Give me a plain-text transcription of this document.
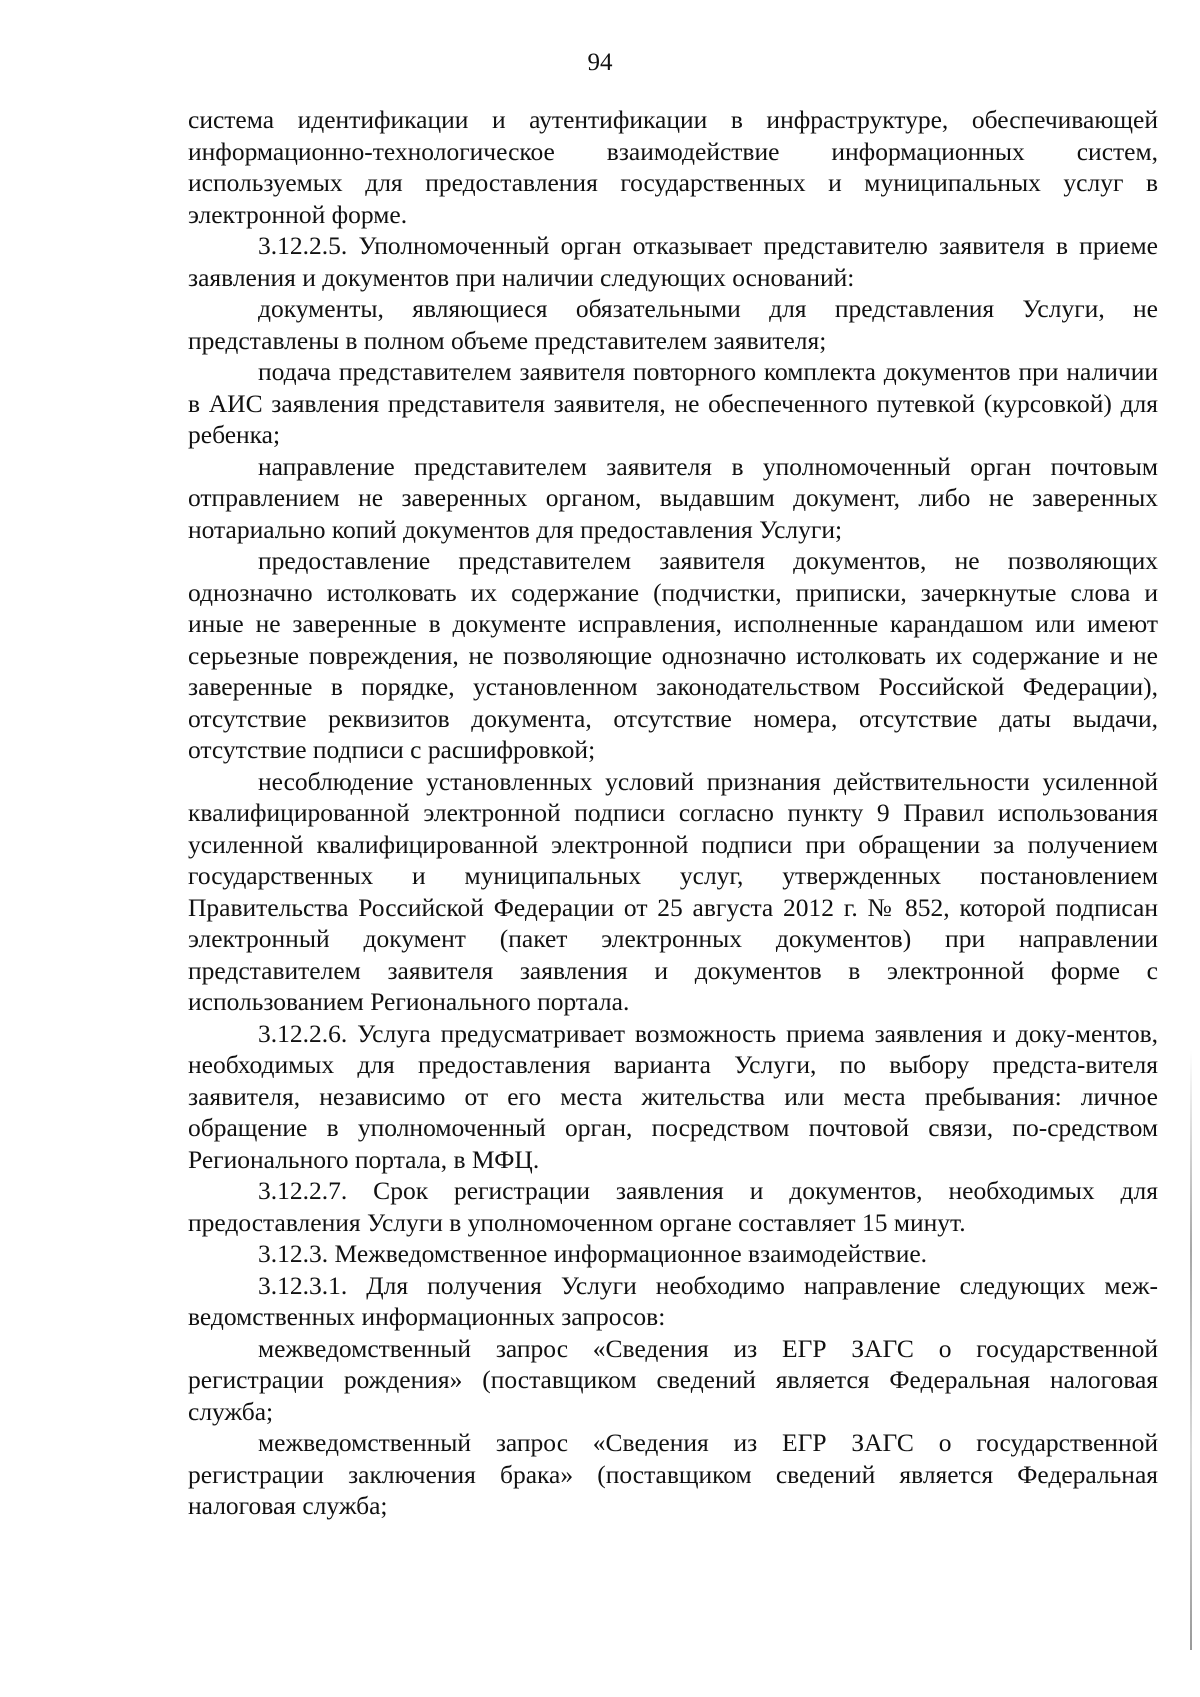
94

система идентификации и аутентификации в инфраструктуре, обеспечивающей информационно-технологическое взаимодействие информационных систем, используемых для предоставления государственных и муниципальных услуг в электронной форме.

3.12.2.5. Уполномоченный орган отказывает представителю заявителя в приеме заявления и документов при наличии следующих оснований:

документы, являющиеся обязательными для представления Услуги, не представлены в полном объеме представителем заявителя;

подача представителем заявителя повторного комплекта документов при наличии в АИС заявления представителя заявителя, не обеспеченного путевкой (курсовкой) для ребенка;

направление представителем заявителя в уполномоченный орган почтовым отправлением не заверенных органом, выдавшим документ, либо не заверенных нотариально копий документов для предоставления Услуги;

предоставление представителем заявителя документов, не позволяющих однозначно истолковать их содержание (подчистки, приписки, зачеркнутые слова и иные не заверенные в документе исправления, исполненные карандашом или имеют серьезные повреждения, не позволяющие однозначно истолковать их содержание и не заверенные в порядке, установленном законодательством Российской Федерации), отсутствие реквизитов документа, отсутствие номера, отсутствие даты выдачи, отсутствие подписи с расшифровкой;

несоблюдение установленных условий признания действительности усиленной квалифицированной электронной подписи согласно пункту 9 Правил использования усиленной квалифицированной электронной подписи при обращении за получением государственных и муниципальных услуг, утвержденных постановлением Правительства Российской Федерации от 25 августа 2012 г. № 852, которой подписан электронный документ (пакет электронных документов) при направлении представителем заявителя заявления и документов в электронной форме с использованием Регионального портала.

3.12.2.6. Услуга предусматривает возможность приема заявления и доку-ментов, необходимых для предоставления варианта Услуги, по выбору предста-вителя заявителя, независимо от его места жительства или места пребывания: личное обращение в уполномоченный орган, посредством почтовой связи, по-средством Регионального портала, в МФЦ.

3.12.2.7. Срок регистрации заявления и документов, необходимых для предоставления Услуги в уполномоченном органе составляет 15 минут.

3.12.3. Межведомственное информационное взаимодействие.

3.12.3.1. Для получения Услуги необходимо направление следующих меж-ведомственных информационных запросов:

межведомственный запрос «Сведения из ЕГР ЗАГС о государственной регистрации рождения» (поставщиком сведений является Федеральная налоговая служба;

межведомственный запрос «Сведения из ЕГР ЗАГС о государственной регистрации заключения брака» (поставщиком сведений является Федеральная налоговая служба;
